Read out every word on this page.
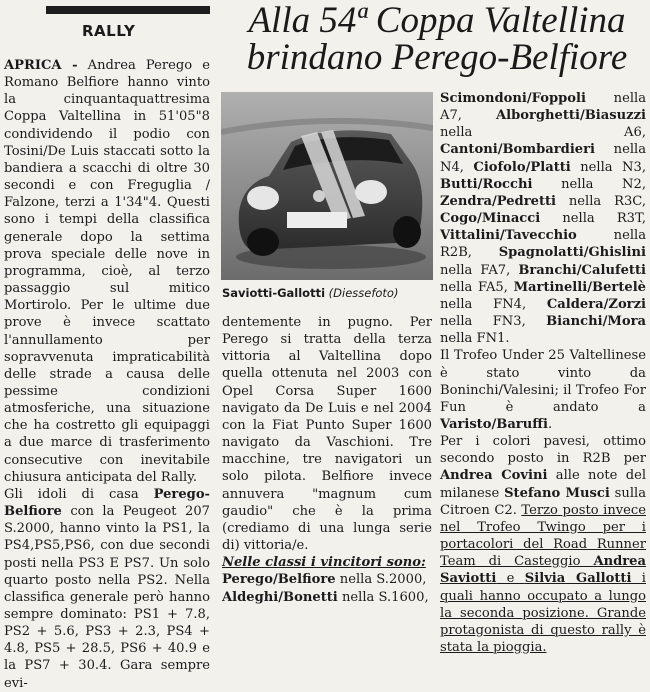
RALLY	Alla 54ª Coppa Valtellina
brindano Perego-Belfiore

APRICA - Andrea Perego e Romano Belfiore hanno vinto la cinquantaquattresima Coppa Valtellina in 51'05"8 condividendo il podio con Tosini/De Luis staccati sotto la bandiera a scacchi di oltre 30 secondi e con Freguglia / Falzone, terzi a 1'34"4. Questi sono i tempi della classifica generale dopo la settima prova speciale delle nove in programma, cioè, al terzo passaggio sul mitico Mortirolo. Per le ultime due prove è invece scattato l'annullamento per sopravvenuta impraticabilità delle strade a causa delle pessime condizioni atmosferiche, una situazione che ha costretto gli equipaggi a due marce di trasferimento consecutive con inevitabile chiusura anticipata del Rally.

Gli idoli di casa Perego-Belfiore con la Peugeot 207 S.2000, hanno vinto la PS1, la PS4,PS5,PS6, con due secondi posti nella PS3 E PS7. Un solo quarto posto nella PS2. Nella classifica generale però hanno sempre dominato: PS1 + 7.8, PS2 + 5.6, PS3 + 2.3, PS4 + 4.8, PS5 + 28.5, PS6 + 40.9 e la PS7 + 30.4. Gara sempre evi-

Saviotti-Gallotti (Diessefoto)

dentemente in pugno. Per Perego si tratta della terza vittoria al Valtellina dopo quella ottenuta nel 2003 con Opel Corsa Super 1600 navigato da De Luis e nel 2004 con la Fiat Punto Super 1600 navigato da Vaschioni. Tre macchine, tre navigatori un solo pilota. Belfiore invece annuvera "magnum cum gaudio" che è la prima (crediamo di una lunga serie di) vittoria/e.

Nelle classi i vincitori sono:
Perego/Belfiore nella S.2000,
Aldeghi/Bonetti nella S.1600,

Scimondoni/Foppoli nella A7, Alborghetti/Biasuzzi nella A6, Cantoni/Bombardieri nella N4, Ciofolo/Platti nella N3, Butti/Rocchi nella N2, Zendra/Pedretti nella R3C, Cogo/Minacci nella R3T, Vittalini/Tavecchio nella R2B, Spagnolatti/Ghislini nella FA7, Branchi/Calufetti nella FA5, Martinelli/Bertelè nella FN4, Caldera/Zorzi nella FN3, Bianchi/Mora nella FN1.

Il Trofeo Under 25 Valtellinese è stato vinto da Boninchi/Valesini; il Trofeo For Fun è andato a Varisto/Baruffi.

Per i colori pavesi, ottimo secondo posto in R2B per Andrea Covini alle note del milanese Stefano Musci sulla Citroen C2. Terzo posto invece nel Trofeo Twingo per i portacolori del Road Runner Team di Casteggio Andrea Saviotti e Silvia Gallotti i quali hanno occupato a lungo la seconda posizione. Grande protagonista di questo rally è stata la pioggia.
